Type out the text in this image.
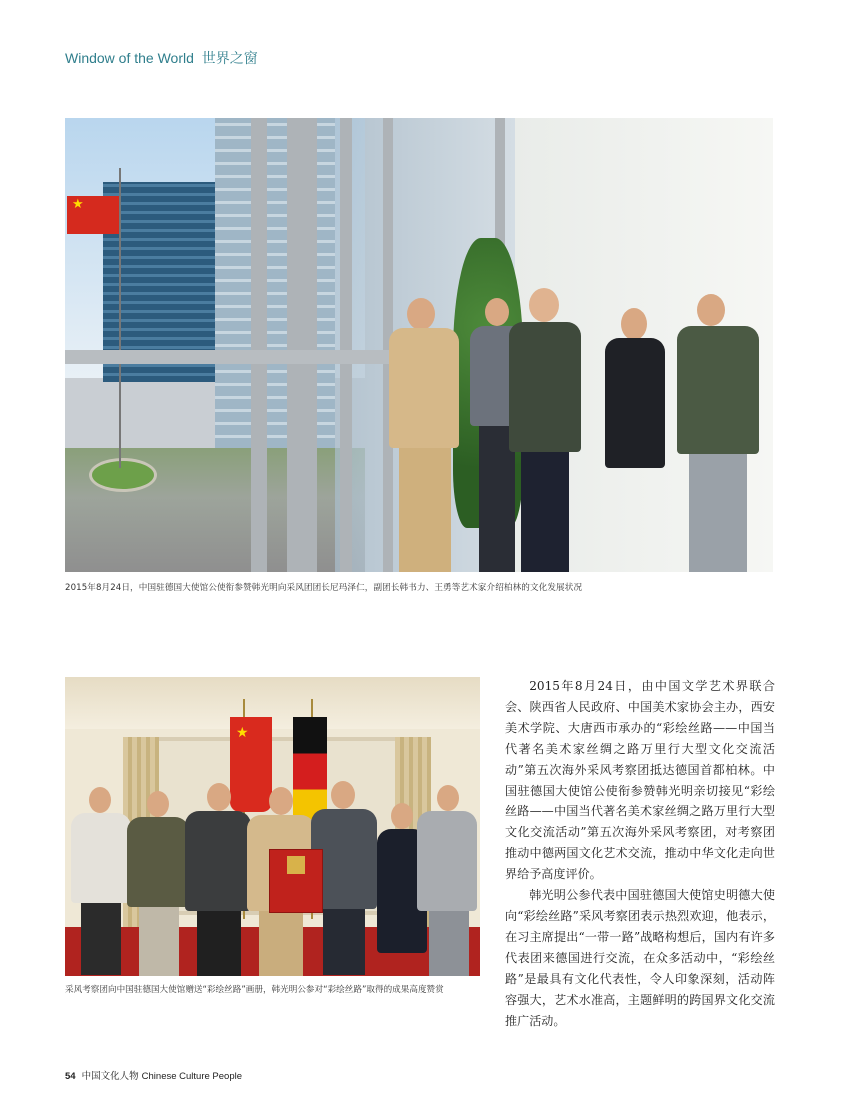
Window of the World 世界之窗
★
2015年8月24日，中国驻德国大使馆公使衔参赞韩光明向采风团团长尼玛泽仁，副团长韩书力、王勇等艺术家介绍柏林的文化发展状况
★
采风考察团向中国驻德国大使馆赠送“彩绘丝路”画册，韩光明公参对“彩绘丝路”取得的成果高度赞赏

2015年8月24日，由中国文学艺术界联合会、陕西省人民政府、中国美术家协会主办，西安美术学院、大唐西市承办的“彩绘丝路——中国当代著名美术家丝绸之路万里行大型文化交流活动”第五次海外采风考察团抵达德国首都柏林。中国驻德国大使馆公使衔参赞韩光明亲切接见“彩绘丝路——中国当代著名美术家丝绸之路万里行大型文化交流活动”第五次海外采风考察团，对考察团推动中德两国文化艺术交流，推动中华文化走向世界给予高度评价。

韩光明公参代表中国驻德国大使馆史明德大使向“彩绘丝路”采风考察团表示热烈欢迎，他表示，在习主席提出“一带一路”战略构想后，国内有许多代表团来德国进行交流，在众多活动中，“彩绘丝路”是最具有文化代表性，令人印象深刻，活动阵容强大，艺术水准高，主题鲜明的跨国界文化交流推广活动。

54 中国文化人物 Chinese Culture People
